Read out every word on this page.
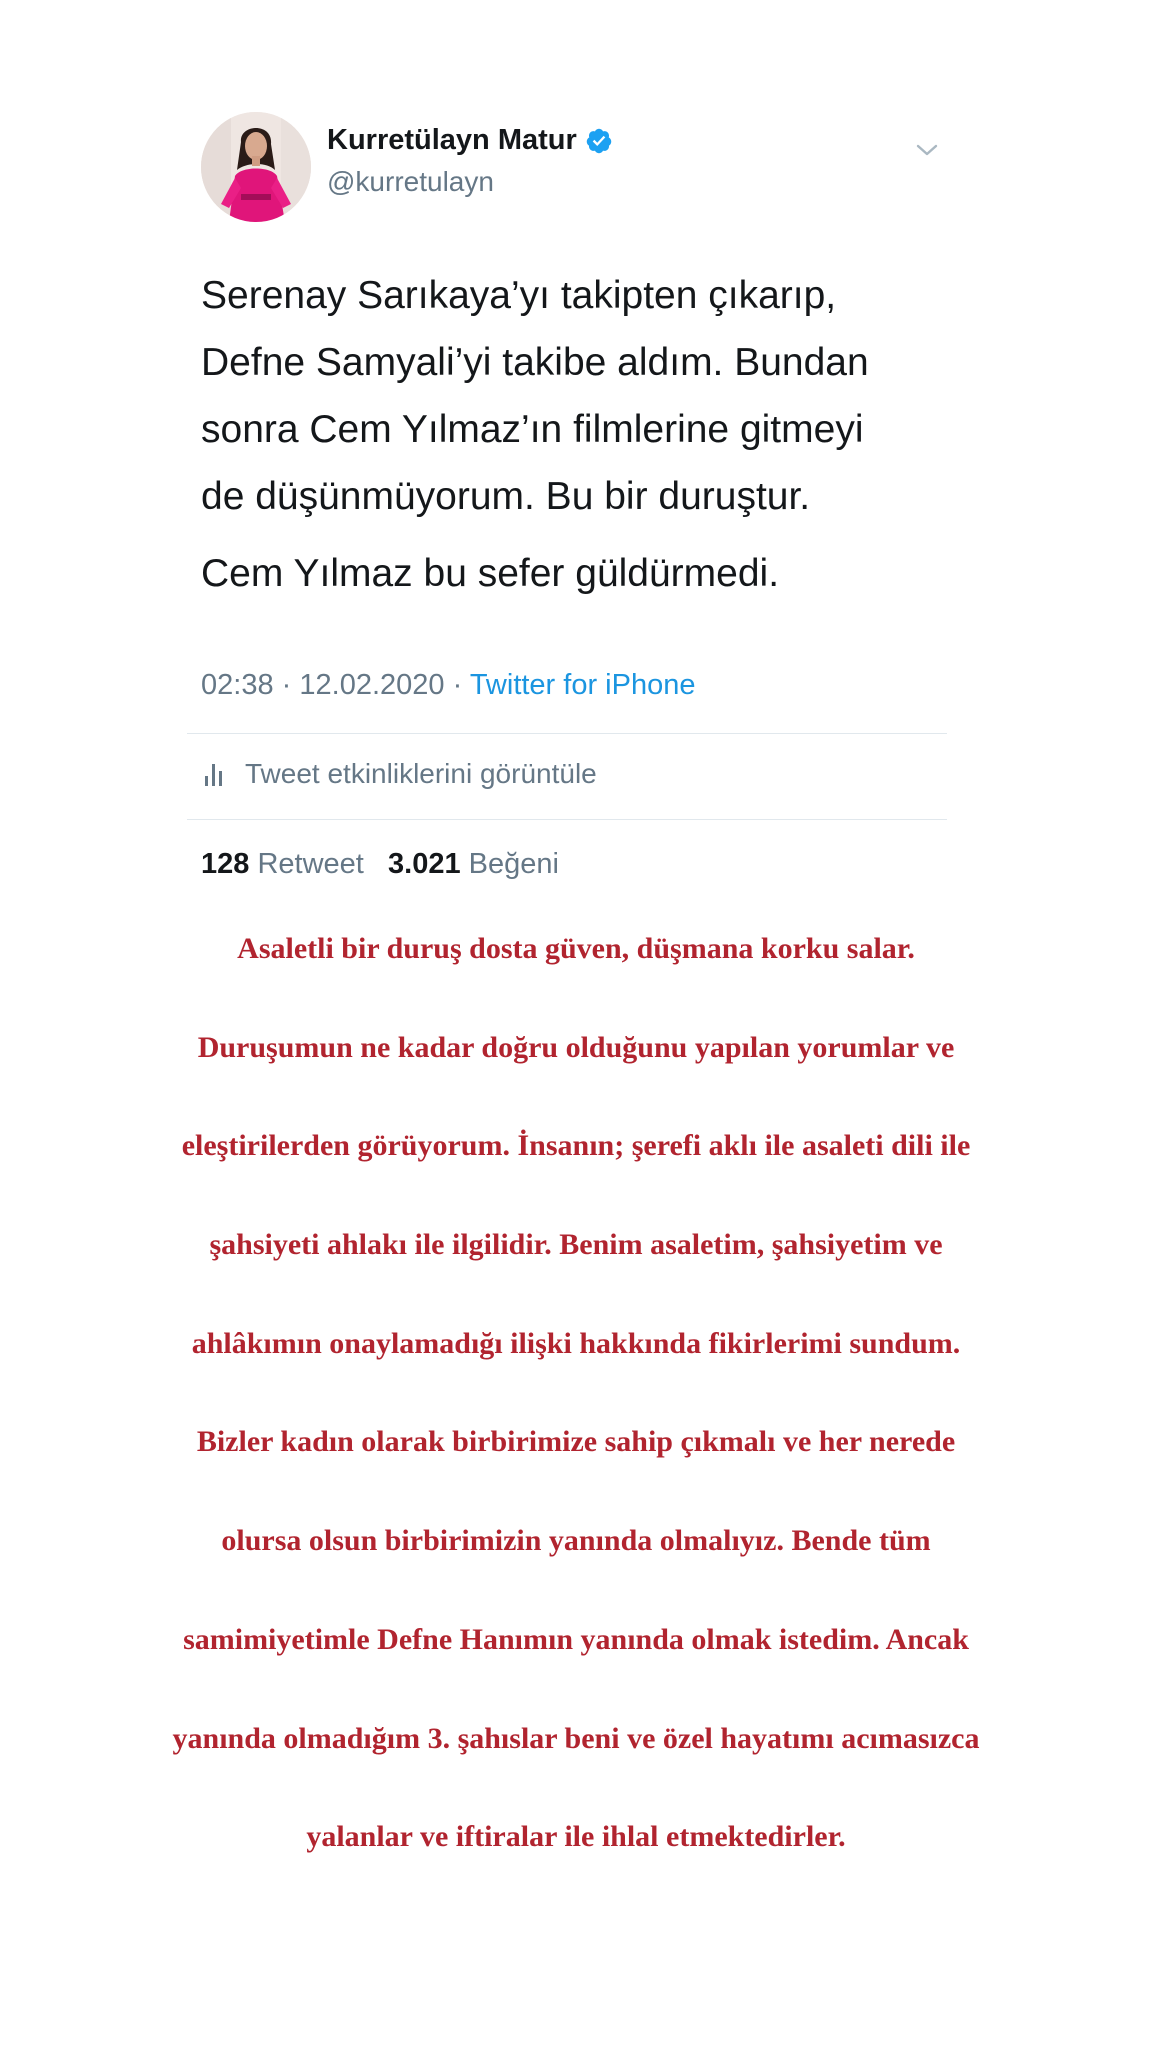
Kurretülayn Matur
@kurretulayn

Serenay Sarıkaya’yı takipten çıkarıp,
Defne Samyali’yi takibe aldım. Bundan
sonra Cem Yılmaz’ın filmlerine gitmeyi
de düşünmüyorum. Bu bir duruştur.

Cem Yılmaz bu sefer güldürmedi.

02:38 · 12.02.2020 · Twitter for iPhone
Tweet etkinliklerini görüntüle
128 Retweet 3.021 Beğeni
Asaletli bir duruş dosta güven, düşmana korku salar.
Duruşumun ne kadar doğru olduğunu yapılan yorumlar ve
eleştirilerden görüyorum. İnsanın; şerefi aklı ile asaleti dili ile
şahsiyeti ahlakı ile ilgilidir. Benim asaletim, şahsiyetim ve
ahlâkımın onaylamadığı ilişki hakkında fikirlerimi sundum.
Bizler kadın olarak birbirimize sahip çıkmalı ve her nerede
olursa olsun birbirimizin yanında olmalıyız. Bende tüm
samimiyetimle Defne Hanımın yanında olmak istedim. Ancak
yanında olmadığım 3. şahıslar beni ve özel hayatımı acımasızca
yalanlar ve iftiralar ile ihlal etmektedirler.
